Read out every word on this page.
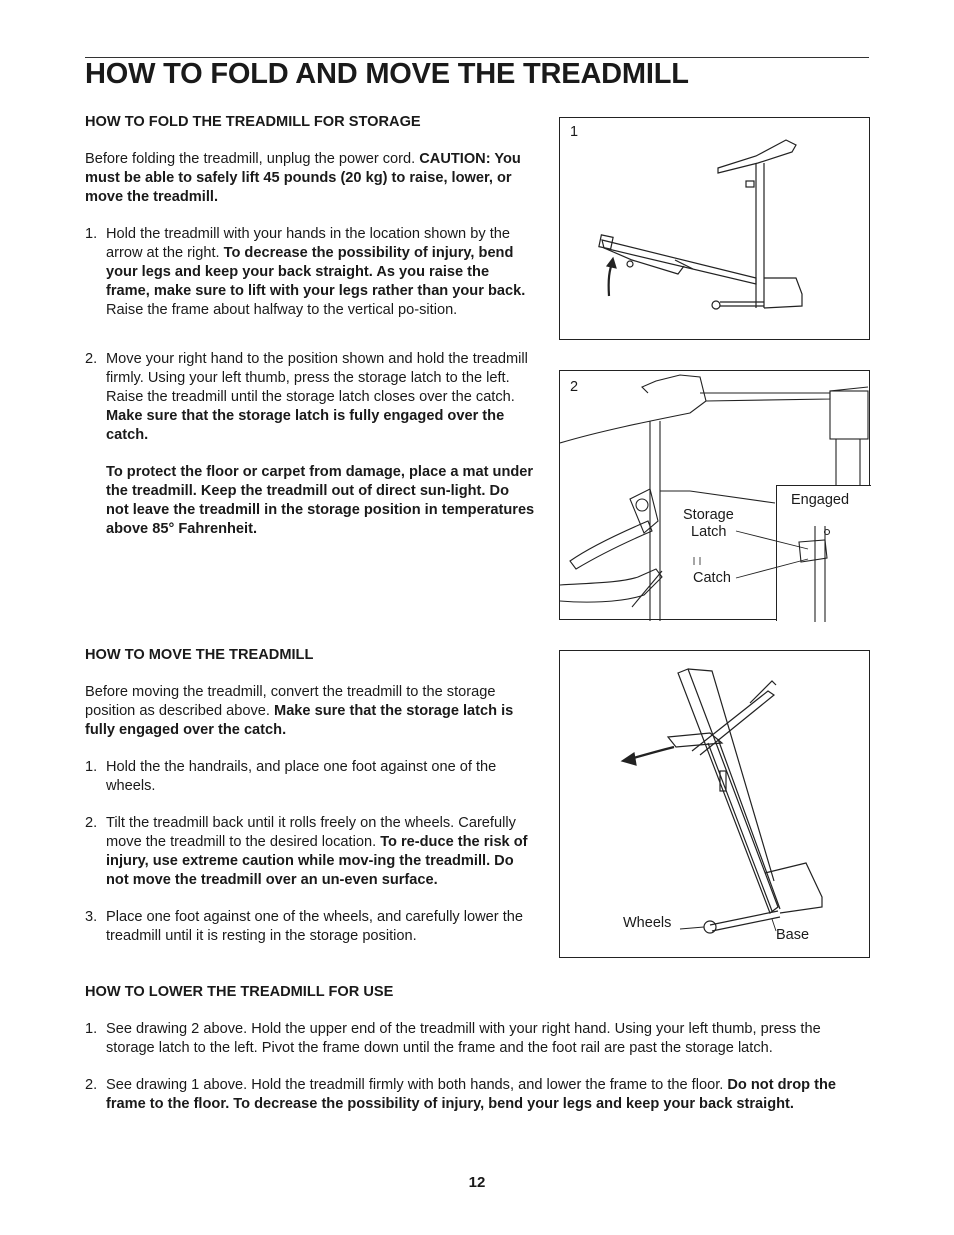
HOW TO FOLD AND MOVE THE TREADMILL

HOW TO FOLD THE TREADMILL FOR STORAGE

Before folding the treadmill, unplug the power cord. CAUTION: You must be able to safely lift 45 pounds (20 kg) to raise, lower, or move the treadmill.

1. Hold the treadmill with your hands in the location shown by the arrow at the right. To decrease the possibility of injury, bend your legs and keep your back straight. As you raise the frame, make sure to lift with your legs rather than your back. Raise the frame about halfway to the vertical po-sition.
2. Move your right hand to the position shown and hold the treadmill firmly. Using your left thumb, press the storage latch to the left. Raise the treadmill until the storage latch closes over the catch. Make sure that the storage latch is fully engaged over the catch.

To protect the floor or carpet from damage, place a mat under the treadmill. Keep the treadmill out of direct sun-light. Do not leave the treadmill in the storage position in temperatures above 85° Fahrenheit.

HOW TO MOVE THE TREADMILL

Before moving the treadmill, convert the treadmill to the storage position as described above. Make sure that the storage latch is fully engaged over the catch.

1. Hold the the handrails, and place one foot against one of the wheels.
2. Tilt the treadmill back until it rolls freely on the wheels. Carefully move the treadmill to the desired location. To re-duce the risk of injury, use extreme caution while mov-ing the treadmill. Do not move the treadmill over an un-even surface.
3. Place one foot against one of the wheels, and carefully lower the treadmill until it is resting in the storage position.

HOW TO LOWER THE TREADMILL FOR USE

1. See drawing 2 above. Hold the upper end of the treadmill with your right hand. Using your left thumb, press the storage latch to the left. Pivot the frame down until the frame and the foot rail are past the storage latch.
2. See drawing 1 above. Hold the treadmill firmly with both hands, and lower the frame to the floor. Do not drop the frame to the floor. To decrease the possibility of injury, bend your legs and keep your back straight.
1
Engaged
2
Storage
Latch
Catch
Wheels
Base
12
